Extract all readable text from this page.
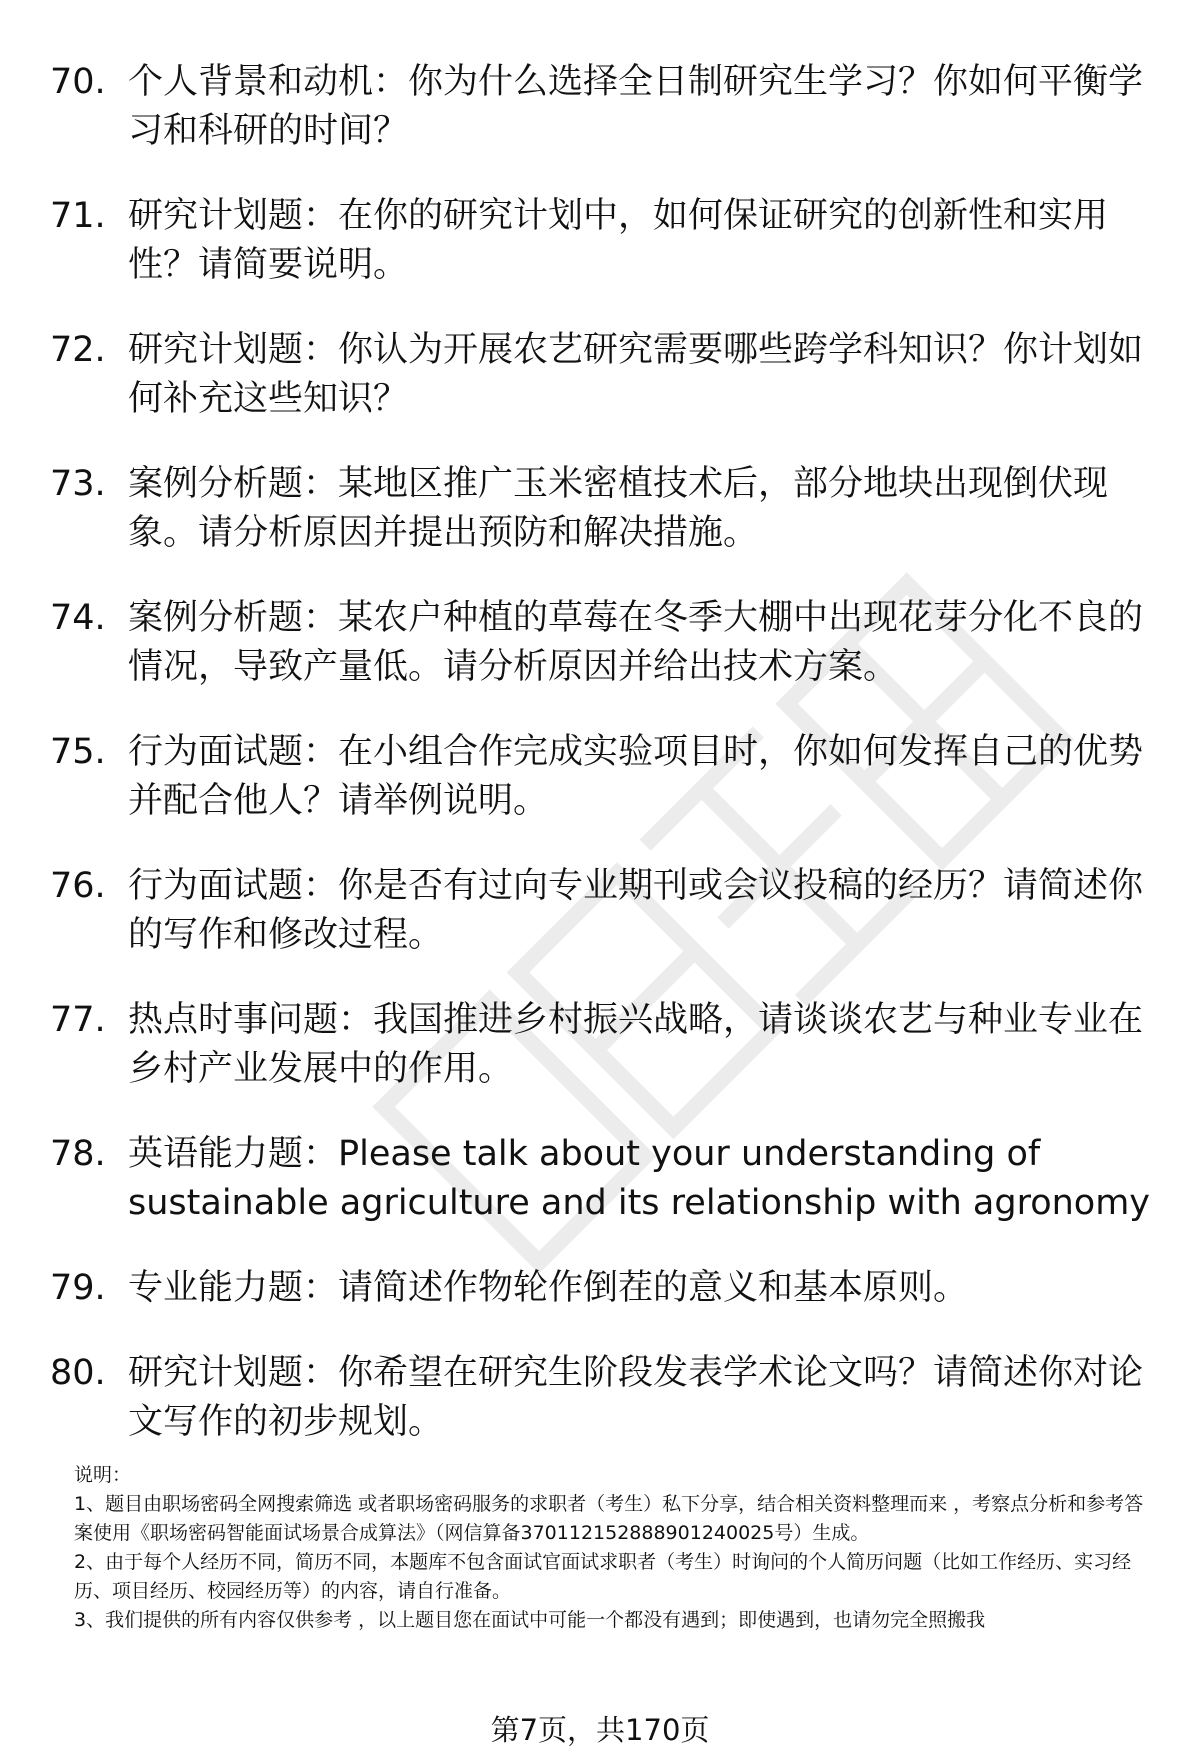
70. 个人背景和动机：你为什么选择全日制研究生学习？你如何平衡学习和科研的时间？
71. 研究计划题：在你的研究计划中，如何保证研究的创新性和实用性？请简要说明。
72. 研究计划题：你认为开展农艺研究需要哪些跨学科知识？你计划如何补充这些知识？
73. 案例分析题：某地区推广玉米密植技术后，部分地块出现倒伏现象。请分析原因并提出预防和解决措施。
74. 案例分析题：某农户种植的草莓在冬季大棚中出现花芽分化不良的情况，导致产量低。请分析原因并给出技术方案。
75. 行为面试题：在小组合作完成实验项目时，你如何发挥自己的优势并配合他人？请举例说明。
76. 行为面试题：你是否有过向专业期刊或会议投稿的经历？请简述你的写作和修改过程。
77. 热点时事问题：我国推进乡村振兴战略，请谈谈农艺与种业专业在乡村产业发展中的作用。
78. 英语能力题：Please talk about your understanding of sustainable agriculture and its relationship with agronomy
79. 专业能力题：请简述作物轮作倒茬的意义和基本原则。
80. 研究计划题：你希望在研究生阶段发表学术论文吗？请简述你对论文写作的初步规划。

说明：

1、题目由职场密码全网搜索筛选 或者职场密码服务的求职者（考生）私下分享，结合相关资料整理而来 ，考察点分析和参考答案使用《职场密码智能面试场景合成算法》（网信算备370112152888901240025号）生成。

2、由于每个人经历不同，简历不同，本题库不包含面试官面试求职者（考生）时询问的个人简历问题（比如工作经历、实习经历、项目经历、校园经历等）的内容，请自行准备。

3、我们提供的所有内容仅供参考 ，以上题目您在面试中可能一个都没有遇到；即使遇到，也请勿完全照搬我

第7页，共170页
